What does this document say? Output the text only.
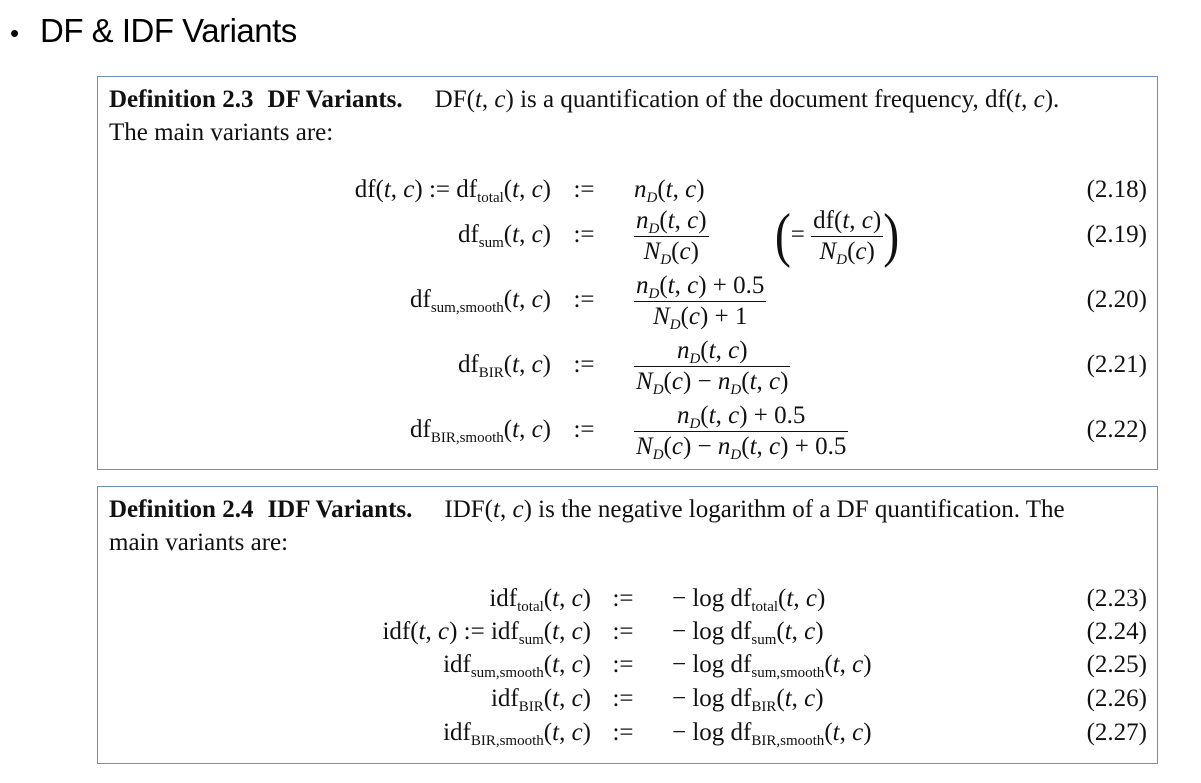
• DF & IDF Variants
Definition 2.3 DF Variants. DF(t, c) is a quantification of the document frequency, df(t, c).
The main variants are:
df(t, c) := $df_{total}(t$, c) :=	$n_D(t$, c)	(2.18)
$df_{sum}(t$, c) :=	$\frac{n_D(t, c)}{N_D(c)}$ (= $\frac{df(t, c)}{N_D(c)}$ )	(2.19)
$df_{sum,smooth}(t$, c) :=	$\frac{n_D(t, c) + 0.5}{N_D(c) + 1}$	(2.20)
$df_{BIR}(t$, c) :=	$\frac{n_D(t, c)}{N_D(c) - n_D(t, c)}$	(2.21)
$df_{BIR,smooth}(t$, c) :=	$\frac{n_D(t, c) + 0.5}{N_D(c) - n_D(t, c) + 0.5}$	(2.22)
Definition 2.4 IDF Variants. IDF(t, c) is the negative logarithm of a DF quantification. The
main variants are:
idf$_{total}$(t, c) :=	− $\log df_{total}(t$, c)	(2.23)
idf(t, c) := idf$_{sum}$(t, c) :=	− $\log df_{sum}(t$, c)	(2.24)
idf$_{sum,smooth}$(t, c) :=	− $\log df_{sum,smooth}(t$, c)	(2.25)
idf$_{BIR}$(t, c) :=	− $\log df_{BIR}(t$, c)	(2.26)
idf$_{BIR,smooth}$(t, c) :=	− $\log df_{BIR,smooth}(t$, c)	(2.27)
